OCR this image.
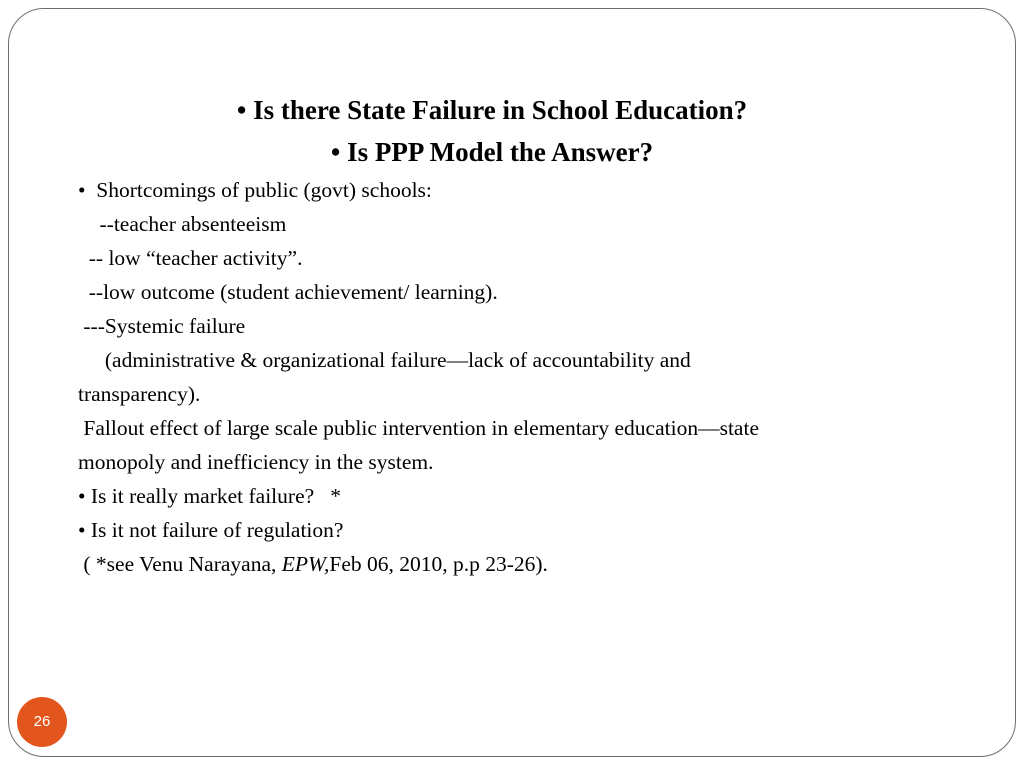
• Is there State Failure in School Education?
• Is PPP Model the Answer?
•  Shortcomings of public (govt) schools:
--teacher absenteeism
-- low “teacher activity”.
--low outcome (student achievement/ learning).
---Systemic failure
(administrative & organizational failure—lack of accountability and
transparency).
Fallout effect of large scale public intervention in elementary education—state
monopoly and inefficiency in the system.
• Is it really market failure?   *
• Is it not failure of regulation?
( *see Venu Narayana, EPW,Feb 06, 2010, p.p 23-26).
26
